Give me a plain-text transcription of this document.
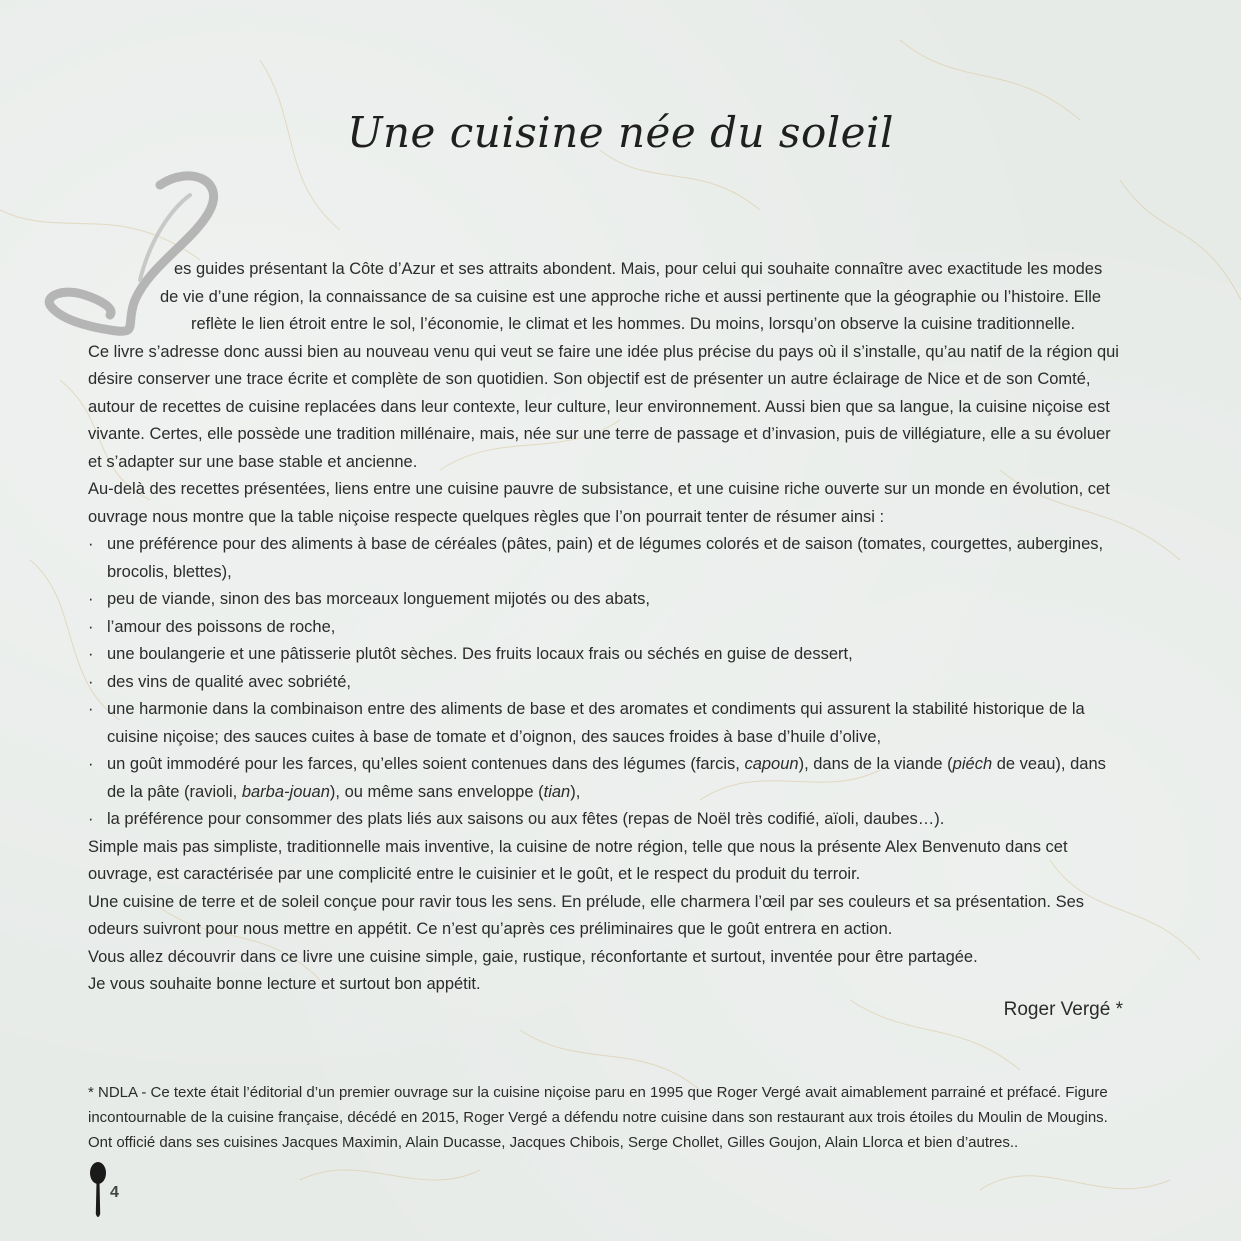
Une cuisine née du soleil

es guides présentant la Côte d’Azur et ses attraits abondent. Mais, pour celui qui souhaite connaître avec exactitude les modes

de vie d’une région, la connaissance de sa cuisine est une approche riche et aussi pertinente que la géographie ou l’histoire. Elle

reflète le lien étroit entre le sol, l’économie, le climat et les hommes. Du moins, lorsqu’on observe la cuisine traditionnelle.

Ce livre s’adresse donc aussi bien au nouveau venu qui veut se faire une idée plus précise du pays où il s’installe, qu’au natif de la région qui désire conserver une trace écrite et complète de son quotidien. Son objectif est de présenter un autre éclairage de Nice et de son Comté, autour de recettes de cuisine replacées dans leur contexte, leur culture, leur environnement. Aussi bien que sa langue, la cuisine niçoise est vivante. Certes, elle possède une tradition millénaire, mais, née sur une terre de passage et d’invasion, puis de villégiature, elle a su évoluer et s’adapter sur une base stable et ancienne.

Au-delà des recettes présentées, liens entre une cuisine pauvre de subsistance, et une cuisine riche ouverte sur un monde en évolution, cet ouvrage nous montre que la table niçoise respecte quelques règles que l’on pourrait tenter de résumer ainsi :

· une préférence pour des aliments à base de céréales (pâtes, pain) et de légumes colorés et de saison (tomates, courgettes, aubergines, brocolis, blettes),
· peu de viande, sinon des bas morceaux longuement mijotés ou des abats,
· l’amour des poissons de roche,
· une boulangerie et une pâtisserie plutôt sèches. Des fruits locaux frais ou séchés en guise de dessert,
· des vins de qualité avec sobriété,
· une harmonie dans la combinaison entre des aliments de base et des aromates et condiments qui assurent la stabilité historique de la cuisine niçoise; des sauces cuites à base de tomate et d’oignon, des sauces froides à base d’huile d’olive,
· un goût immodéré pour les farces, qu’elles soient contenues dans des légumes (farcis, capoun), dans de la viande (piéch de veau), dans de la pâte (ravioli, barba-jouan), ou même sans enveloppe (tian),
· la préférence pour consommer des plats liés aux saisons ou aux fêtes (repas de Noël très codifié, aïoli, daubes…).

Simple mais pas simpliste, traditionnelle mais inventive, la cuisine de notre région, telle que nous la présente Alex Benvenuto dans cet ouvrage, est caractérisée par une complicité entre le cuisinier et le goût, et le respect du produit du terroir.

Une cuisine de terre et de soleil conçue pour ravir tous les sens. En prélude, elle charmera l’œil par ses couleurs et sa présentation. Ses odeurs suivront pour nous mettre en appétit. Ce n’est qu’après ces préliminaires que le goût entrera en action.

Vous allez découvrir dans ce livre une cuisine simple, gaie, rustique, réconfortante et surtout, inventée pour être partagée.

Je vous souhaite bonne lecture et surtout bon appétit.

Roger Vergé *
* NDLA - Ce texte était l’éditorial d’un premier ouvrage sur la cuisine niçoise paru en 1995 que Roger Vergé avait aimablement parrainé et préfacé. Figure incontournable de la cuisine française, décédé en 2015, Roger Vergé a défendu notre cuisine dans son restaurant aux trois étoiles du Moulin de Mougins. Ont officié dans ses cuisines Jacques Maximin, Alain Ducasse, Jacques Chibois, Serge Chollet, Gilles Goujon, Alain Llorca et bien d’autres..
4
